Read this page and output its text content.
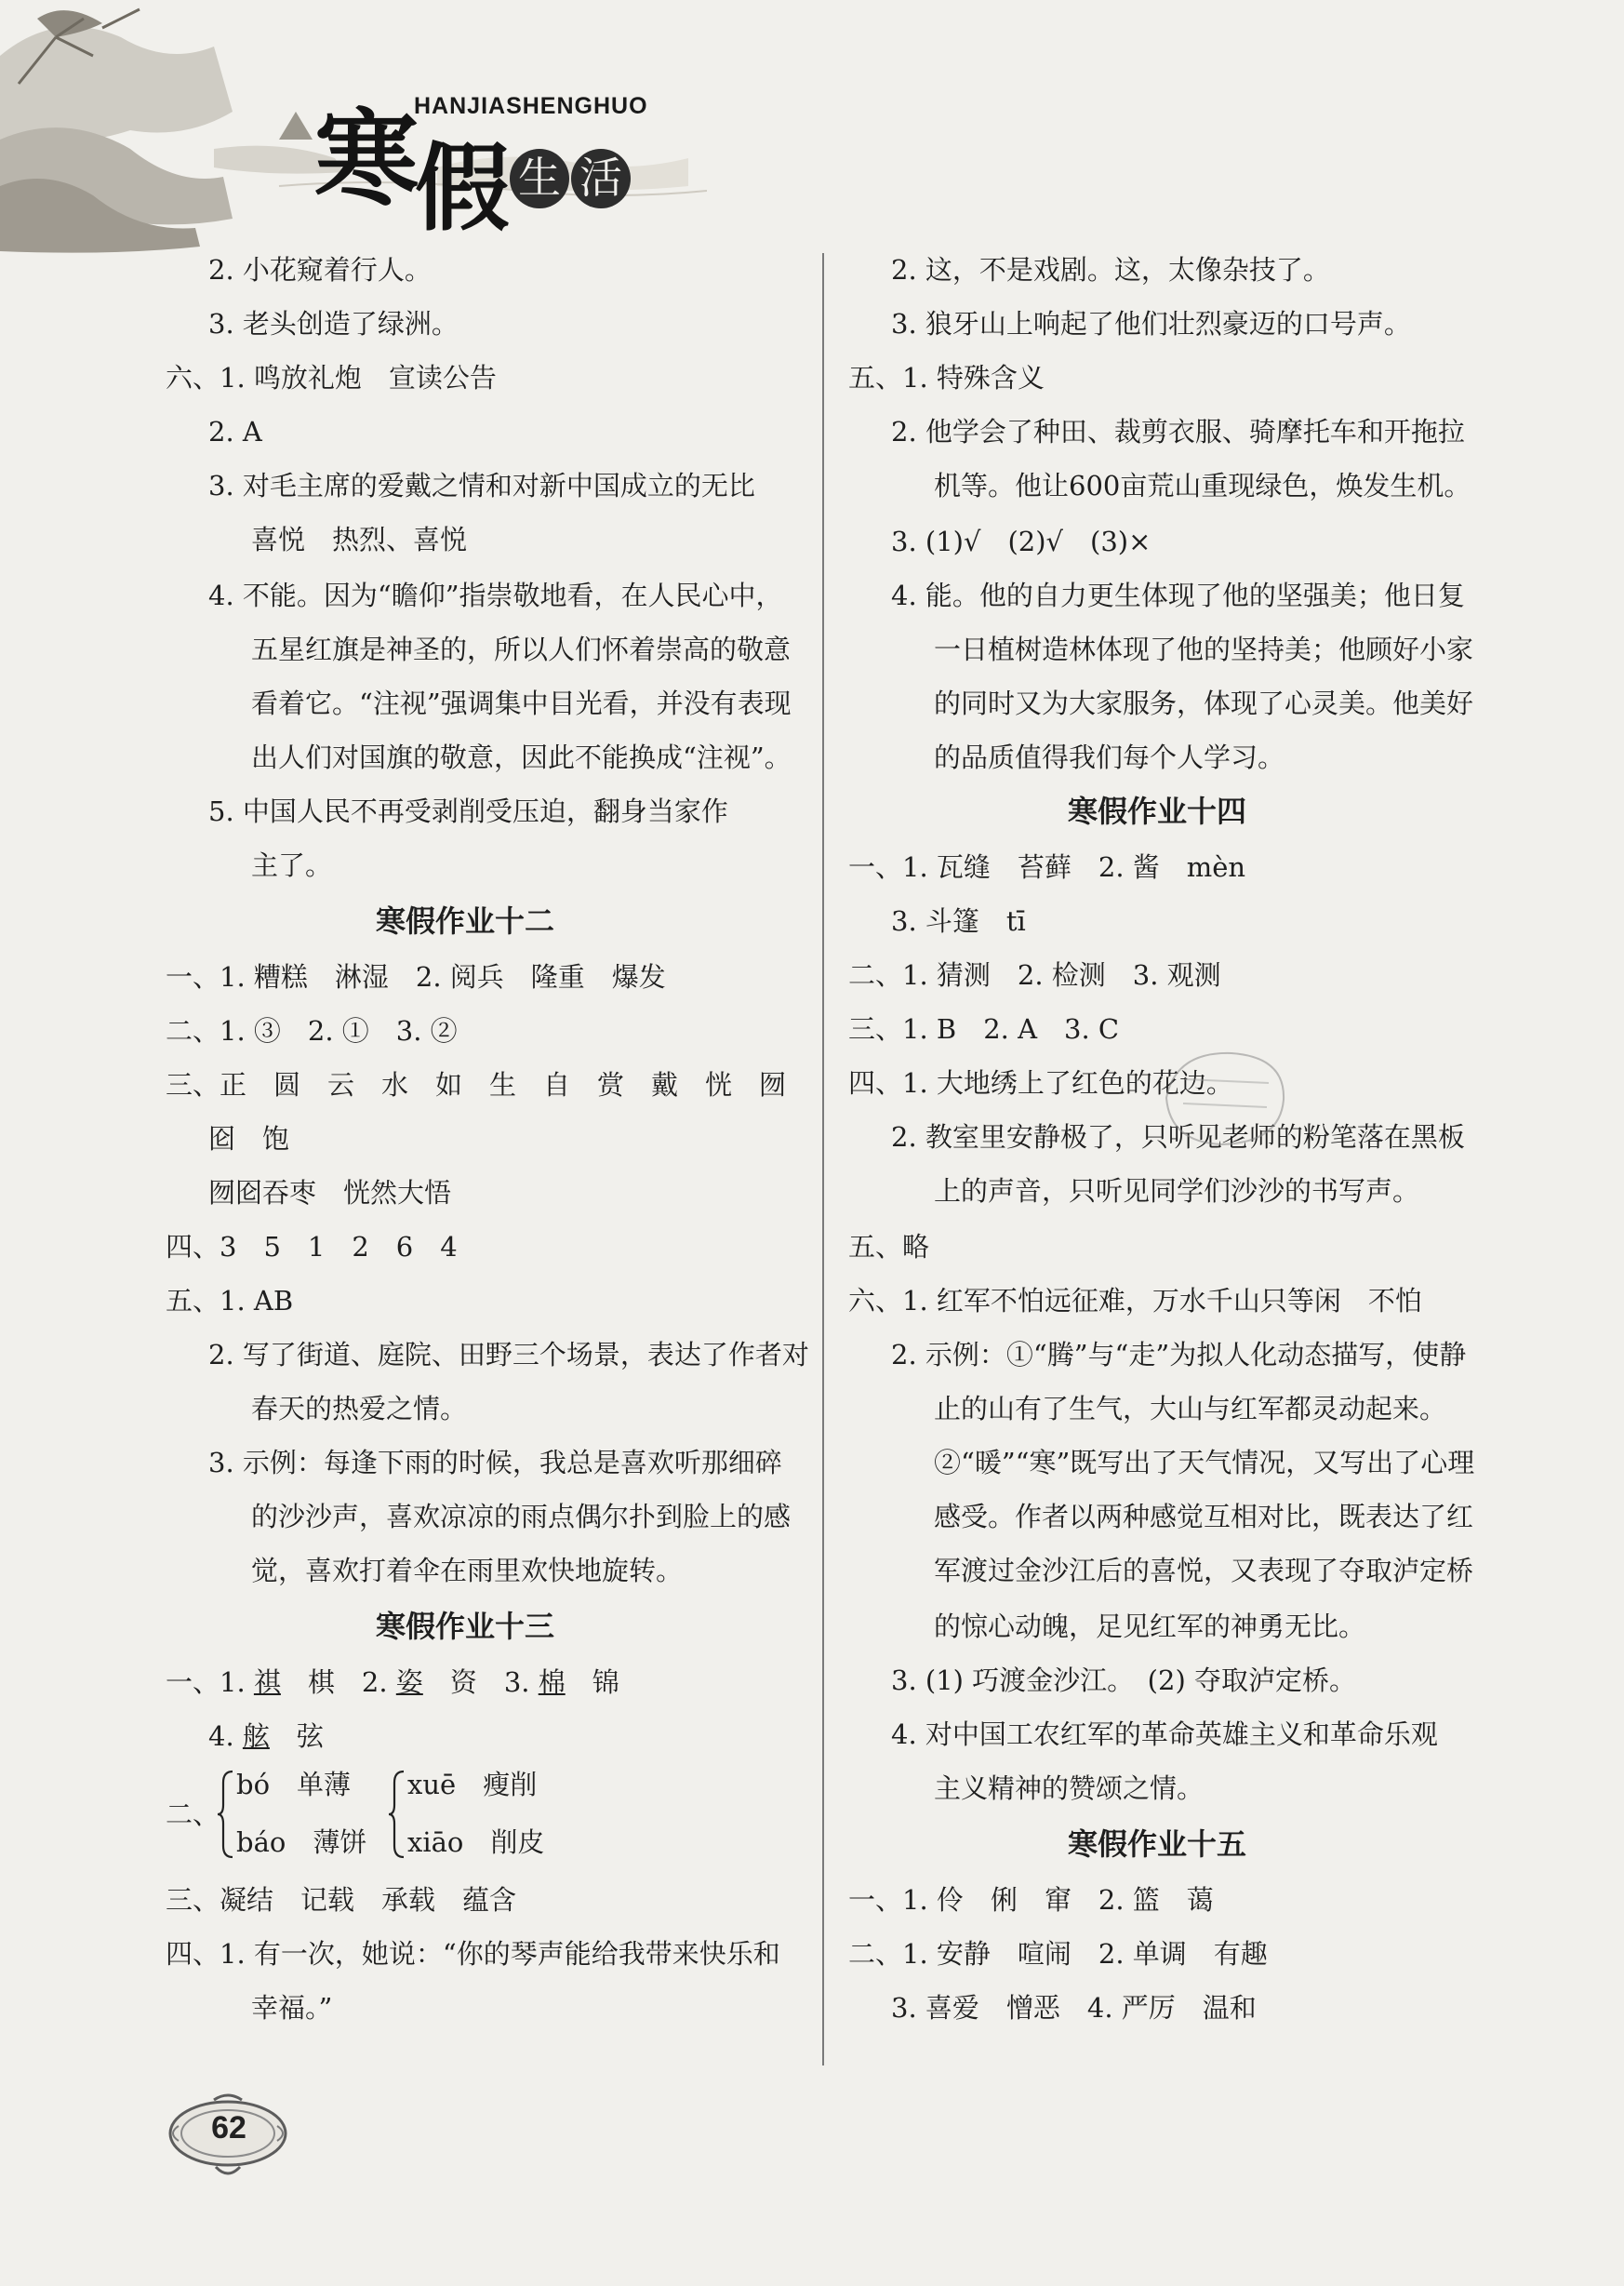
HANJIASHENGHUO
寒
假 生 活
2. 小花窥着行人。
3. 老头创造了绿洲。
六、1. 鸣放礼炮　宣读公告
2. A
3. 对毛主席的爱戴之情和对新中国成立的无比
喜悦　热烈、喜悦
4. 不能。因为“瞻仰”指崇敬地看，在人民心中，
五星红旗是神圣的，所以人们怀着崇高的敬意
看着它。“注视”强调集中目光看，并没有表现
出人们对国旗的敬意，因此不能换成“注视”。
5. 中国人民不再受剥削受压迫，翻身当家作
主了。
寒假作业十二
一、1. 糟糕　淋湿　2. 阅兵　隆重　爆发
二、1. ③　2. ①　3. ②
三、正　圆　云　水　如　生　自　赏　戴　恍　囫
囵　饱
囫囵吞枣　恍然大悟
四、3　5　1　2　6　4
五、1. AB
2. 写了街道、庭院、田野三个场景，表达了作者对
春天的热爱之情。
3. 示例：每逢下雨的时候，我总是喜欢听那细碎
的沙沙声，喜欢凉凉的雨点偶尔扑到脸上的感
觉，喜欢打着伞在雨里欢快地旋转。
寒假作业十三
一、1. 祺　棋　2. 姿　资　3. 棉　锦
4. 舷　弦
二、
bó　单薄
báo　薄饼
xuē　瘦削
xiāo　削皮
三、凝结　记载　承载　蕴含
四、1. 有一次，她说：“你的琴声能给我带来快乐和
幸福。”
2. 这，不是戏剧。这，太像杂技了。
3. 狼牙山上响起了他们壮烈豪迈的口号声。
五、1. 特殊含义
2. 他学会了种田、裁剪衣服、骑摩托车和开拖拉
机等。他让600亩荒山重现绿色，焕发生机。
3. (1)√　(2)√　(3)×
4. 能。他的自力更生体现了他的坚强美；他日复
一日植树造林体现了他的坚持美；他顾好小家
的同时又为大家服务，体现了心灵美。他美好
的品质值得我们每个人学习。
寒假作业十四
一、1. 瓦缝　苔藓　2. 酱　mèn
3. 斗篷　tī
二、1. 猜测　2. 检测　3. 观测
三、1. B　2. A　3. C
四、1. 大地绣上了红色的花边。
2. 教室里安静极了，只听见老师的粉笔落在黑板
上的声音，只听见同学们沙沙的书写声。
五、略
六、1. 红军不怕远征难，万水千山只等闲　不怕
2. 示例：①“腾”与“走”为拟人化动态描写，使静
止的山有了生气，大山与红军都灵动起来。
②“暖”“寒”既写出了天气情况，又写出了心理
感受。作者以两种感觉互相对比，既表达了红
军渡过金沙江后的喜悦，又表现了夺取泸定桥
的惊心动魄，足见红军的神勇无比。
3. (1) 巧渡金沙江。　(2) 夺取泸定桥。
4. 对中国工农红军的革命英雄主义和革命乐观
主义精神的赞颂之情。
寒假作业十五
一、1. 伶　俐　窜　2. 篮　蔼
二、1. 安静　喧闹　2. 单调　有趣
3. 喜爱　憎恶　4. 严厉　温和
62
